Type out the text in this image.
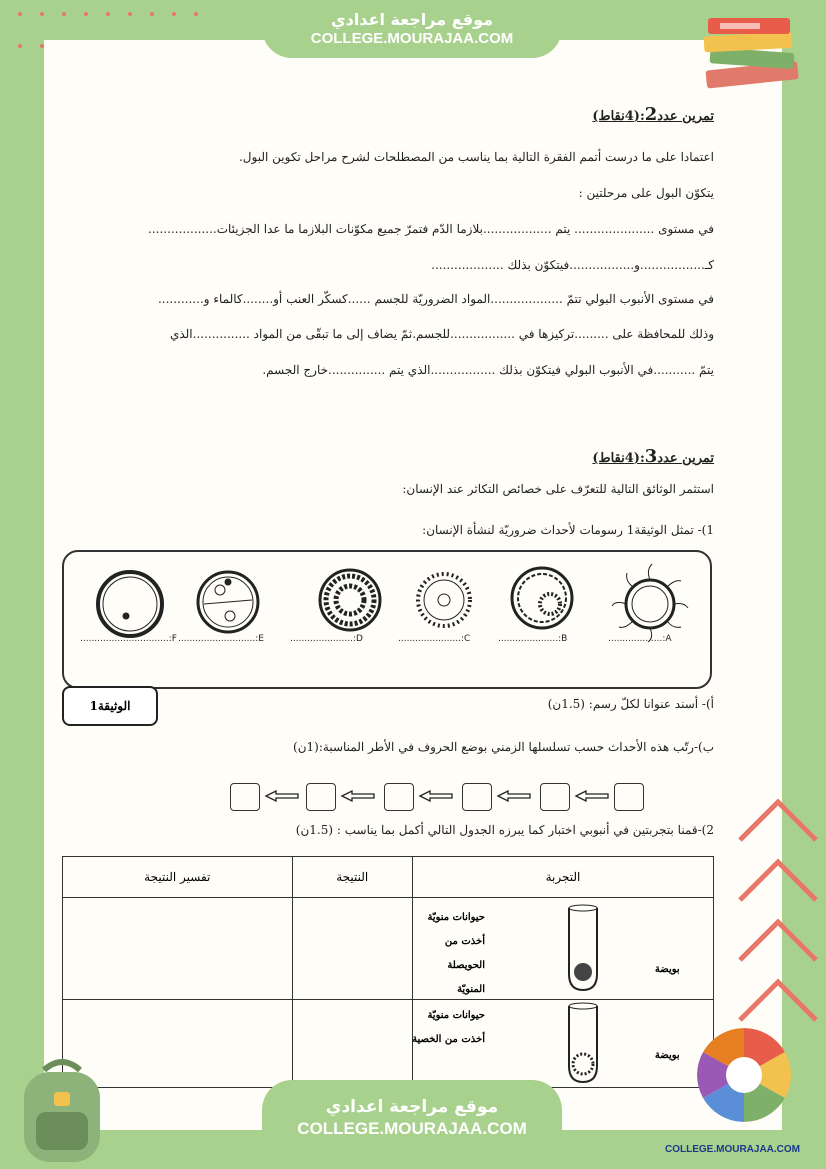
موقع مراجعة اعدادي
COLLEGE.MOURAJAA.COM
تمرين عدد2:(4نقاط)
اعتمادا على ما درست أتمم الفقرة التالية بما يناسب من المصطلحات لشرح مراحل تكوين البول.
يتكوّن البول على مرحلتين :
في مستوى ..................... يتم ..................بلازما الدّم فتمرّ جميع مكوّنات البلازما ما عدا الجزيئات..................
كـ.................و.................فيتكوّن بذلك ...................
في مستوى الأنبوب البولي تتمّ ...................المواد الضروريّة للجسم ......كسكّر العنب أو........كالماء و............
وذلك للمحافظة على .........تركيزها في .................للجسم.ثمّ يضاف إلى ما تبقّى من المواد ...............الذي
يتمّ ...........في الأنبوب البولي فيتكوّن بذلك .................الذي يتم ...............خارج الجسم.
تمرين عدد3:(4نقاط)
استثمر الوثائق التالية للتعرّف على خصائص التكاثر عند الإنسان:
1)- تمثل الوثيقة1 رسومات لأحداث ضروريّة لنشأة الإنسان:
...................:A
.....................:B
......................:C
......................:D
...........................:E
...............................:F
الوثيقة1	أ)- أسند عنوانا لكلّ رسم: (1.5ن)
ب)-رتّب هذه الأحداث حسب تسلسلها الزمني بوضع الحروف في الأطر المناسبة:(1ن)
2)-قمنا بتجربتين في أنبوبي اختبار كما يبرزه الجدول التالي أكمل بما يناسب : (1.5ن)
تفسير النتيجة	النتيجة	التجربة

		حيوانات منويّة
أخذت من الحويصلة
المنويّة
بويضة

		حيوانات منويّة
أخذت من الخصية
بويضة
COLLEGE.MOURAJAA.COM
موقع مراجعة اعدادي
COLLEGE.MOURAJAA.COM
